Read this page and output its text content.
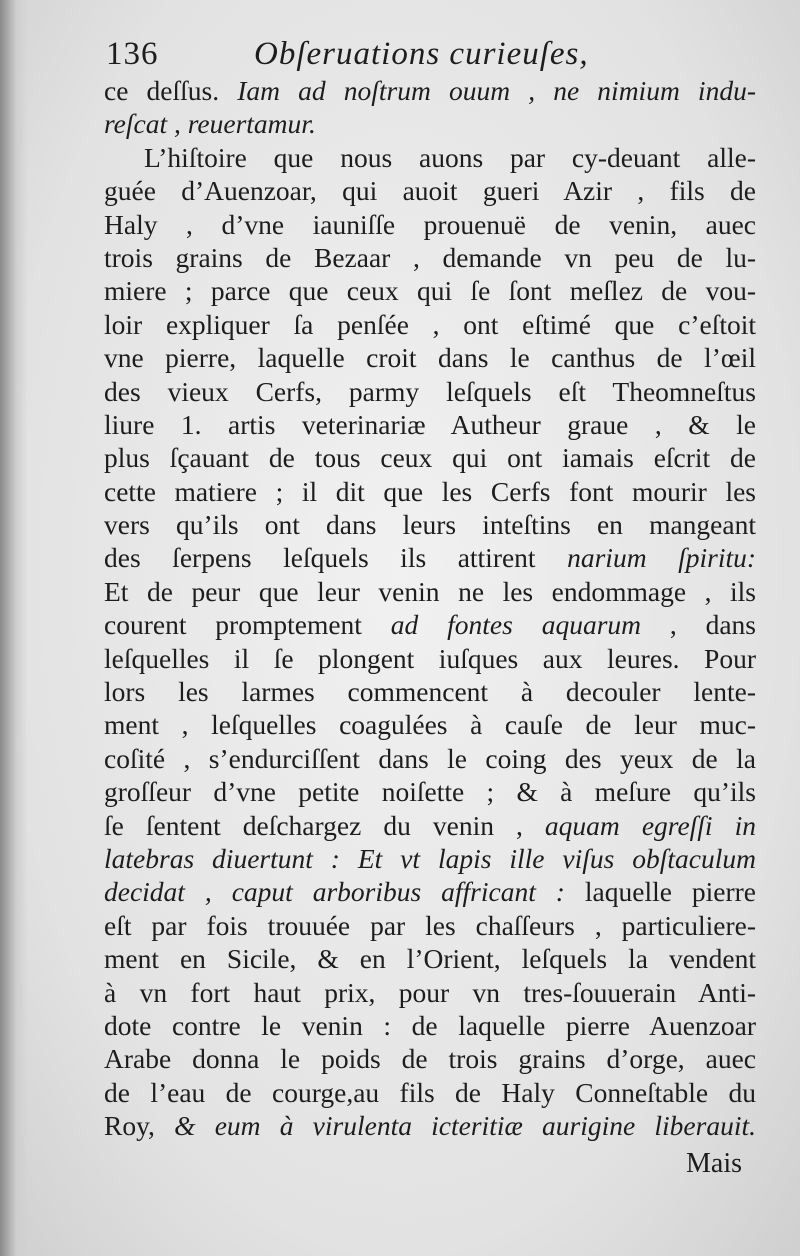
136	Obſeruations curieuſes,
ce deſſus. Iam ad noſtrum ouum , ne nimium indu-
reſcat , reuertamur.
L’hiſtoire que nous auons par cy-deuant alle-
guée d’Auenzoar, qui auoit gueri Azir , fils de
Haly , d’vne iauniſſe prouenuë de venin, auec
trois grains de Bezaar , demande vn peu de lu-
miere ; parce que ceux qui ſe ſont meſlez de vou-
loir expliquer ſa penſée , ont eſtimé que c’eſtoit
vne pierre, laquelle croit dans le canthus de l’œil
des vieux Cerfs, parmy leſquels eſt Theomneſtus
liure 1. artis veterinariæ Autheur graue , & le
plus ſçauant de tous ceux qui ont iamais eſcrit de
cette matiere ; il dit que les Cerfs font mourir les
vers qu’ils ont dans leurs inteſtins en mangeant
des ſerpens leſquels ils attirent narium ſpiritu:
Et de peur que leur venin ne les endommage , ils
courent promptement ad fontes aquarum , dans
leſquelles il ſe plongent iuſques aux leures. Pour
lors les larmes commencent à decouler lente-
ment , leſquelles coagulées à cauſe de leur muc-
coſité , s’endurciſſent dans le coing des yeux de la
groſſeur d’vne petite noiſette ; & à meſure qu’ils
ſe ſentent deſchargez du venin , aquam egreſſi in
latebras diuertunt : Et vt lapis ille viſus obſtaculum
decidat , caput arboribus affricant : laquelle pierre
eſt par fois trouuée par les chaſſeurs , particuliere-
ment en Sicile, & en l’Orient, leſquels la vendent
à vn fort haut prix, pour vn tres-ſouuerain Anti-
dote contre le venin : de laquelle pierre Auenzoar
Arabe donna le poids de trois grains d’orge, auec
de l’eau de courge,au fils de Haly Conneſtable du
Roy, & eum à virulenta icteritiæ aurigine liberauit.
Mais
